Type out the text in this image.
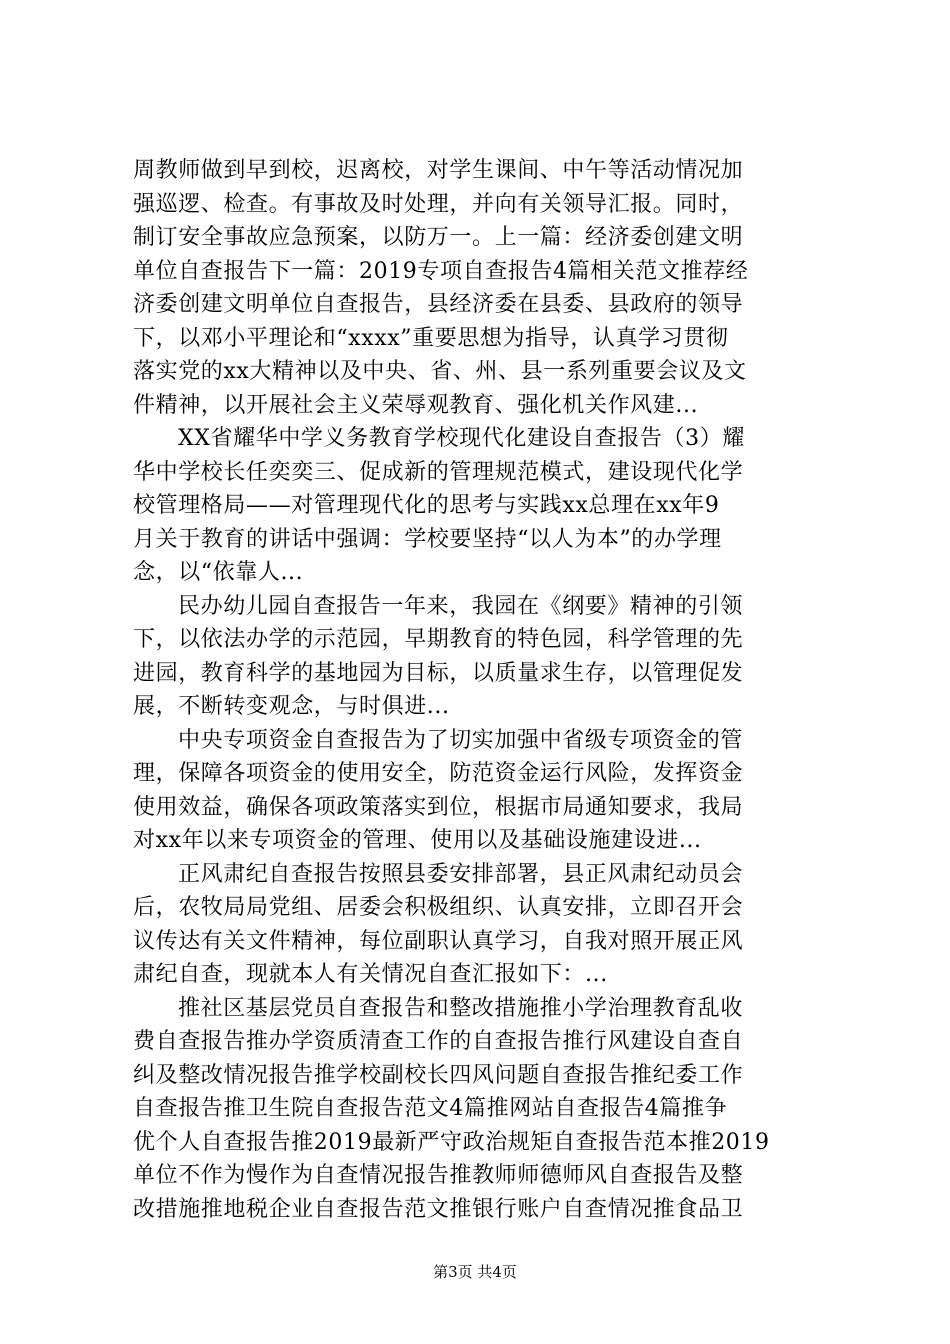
周教师做到早到校，迟离校，对学生课间、中午等活动情况加
强巡逻、检查。有事故及时处理，并向有关领导汇报。同时，
制订安全事故应急预案，以防万一。上一篇：经济委创建文明
单位自查报告下一篇：2019专项自查报告4篇相关范文推荐经
济委创建文明单位自查报告，县经济委在县委、县政府的领导
下，以邓小平理论和“xxxx”重要思想为指导，认真学习贯彻
落实党的xx大精神以及中央、省、州、县一系列重要会议及文
件精神，以开展社会主义荣辱观教育、强化机关作风建...
XX省耀华中学义务教育学校现代化建设自查报告（3）耀
华中学校长任奕奕三、促成新的管理规范模式，建设现代化学
校管理格局——对管理现代化的思考与实践xx总理在xx年9
月关于教育的讲话中强调：学校要坚持“以人为本”的办学理
念，以“依靠人...
民办幼儿园自查报告一年来，我园在《纲要》精神的引领
下，以依法办学的示范园，早期教育的特色园，科学管理的先
进园，教育科学的基地园为目标，以质量求生存，以管理促发
展，不断转变观念，与时俱进...
中央专项资金自查报告为了切实加强中省级专项资金的管
理，保障各项资金的使用安全，防范资金运行风险，发挥资金
使用效益，确保各项政策落实到位，根据市局通知要求，我局
对xx年以来专项资金的管理、使用以及基础设施建设进...
正风肃纪自查报告按照县委安排部署，县正风肃纪动员会
后，农牧局局党组、居委会积极组织、认真安排，立即召开会
议传达有关文件精神，每位副职认真学习，自我对照开展正风
肃纪自查，现就本人有关情况自查汇报如下：...
推社区基层党员自查报告和整改措施推小学治理教育乱收
费自查报告推办学资质清查工作的自查报告推行风建设自查自
纠及整改情况报告推学校副校长四风问题自查报告推纪委工作
自查报告推卫生院自查报告范文4篇推网站自查报告4篇推争
优个人自查报告推2019最新严守政治规矩自查报告范本推2019
单位不作为慢作为自查情况报告推教师师德师风自查报告及整
改措施推地税企业自查报告范文推银行账户自查情况推食品卫
第3页 共4页
